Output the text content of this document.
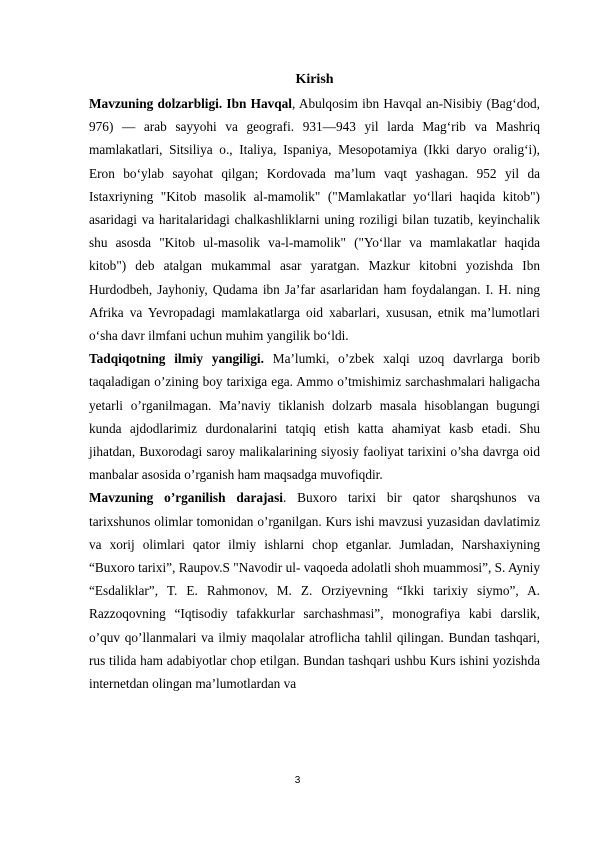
Kirish

Mavzuning dolzarbligi. Ibn Havqal, Abulqosim ibn Havqal an-Nisibiy (Bag‘dod, 976) — arab sayyohi va geografi. 931—943 yil larda Mag‘rib va Mashriq mamlakatlari, Sitsiliya o., Italiya, Ispaniya, Mesopotamiya (Ikki daryo oralig‘i), Eron bo‘ylab sayohat qilgan; Kordovada maʼlum vaqt yashagan. 952 yil da Istaxriyning "Kitob masolik al-mamolik" ("Mamlakatlar yo‘llari haqida kitob") asaridagi va haritalaridagi chalkashliklarni uning roziligi bilan tuzatib, keyinchalik shu asosda "Kitob ul-masolik va-l-mamolik" ("Yo‘llar va mamlakatlar haqida kitob") deb atalgan mukammal asar yaratgan. Mazkur kitobni yozishda Ibn Hurdodbeh, Jayhoniy, Qudama ibn Jaʼfar asarlaridan ham foydalangan. I. H. ning Afrika va Yevropadagi mamlakatlarga oid xabarlari, xususan, etnik maʼlumotlari o‘sha davr ilmfani uchun muhim yangilik bo‘ldi.

Tadqiqotning ilmiy yangiligi. Ma’lumki, o’zbek xalqi uzoq davrlarga borib taqaladigan o’zining boy tarixiga ega. Ammo o’tmishimiz sarchashmalari haligacha yetarli o’rganilmagan. Ma’naviy tiklanish dolzarb masala hisoblangan bugungi kunda ajdodlarimiz durdonalarini tatqiq etish katta ahamiyat kasb etadi. Shu jihatdan, Buxorodagi saroy malikalarining siyosiy faoliyat tarixini o’sha davrga oid manbalar asosida o’rganish ham maqsadga muvofiqdir.

Mavzuning o’rganilish darajasi. Buxoro tarixi bir qator sharqshunos va tarixshunos olimlar tomonidan o’rganilgan. Kurs ishi mavzusi yuzasidan davlatimiz va xorij olimlari qator ilmiy ishlarni chop etganlar. Jumladan, Narshaxiyning “Buxoro tarixi”, Raupov.S "Navodir ul- vaqoeda adolatli shoh muammosi”, S. Ayniy “Esdaliklar”, T. E. Rahmonov, M. Z. Orziyevning “Ikki tarixiy siymo”, A. Razzoqovning “Iqtisodiy tafakkurlar sarchashmasi”, monografiya kabi darslik, o’quv qo’llanmalari va ilmiy maqolalar atroflicha tahlil qilingan. Bundan tashqari, rus tilida ham adabiyotlar chop etilgan. Bundan tashqari ushbu Kurs ishini yozishda internetdan olingan ma’lumotlardan va

3
